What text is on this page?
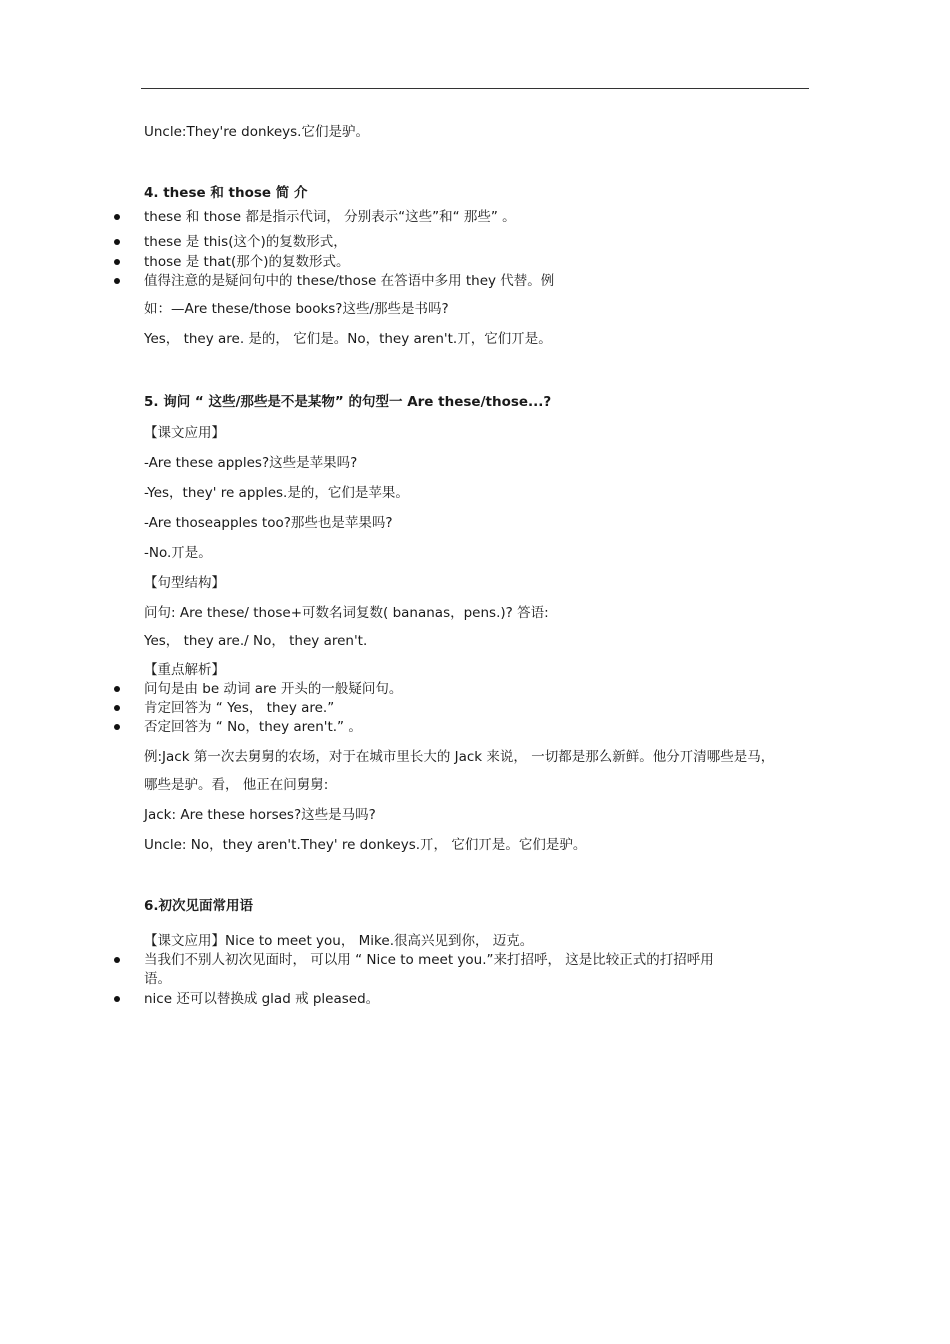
Uncle:They're donkeys.它们是驴。
4. these 和 those 简 介
these 和 those 都是指示代词， 分别表示“这些”和“ 那些” 。
these 是 this(这个)的复数形式，
those 是 that(那个)的复数形式。
值得注意的是疑问句中的 these/those 在答语中多用 they 代替。例
如：—Are these/those books?这些/那些是书吗?
Yes， they are. 是的， 它们是。No，they aren't.丌，它们丌是。
5. 询问 “ 这些/那些是不是某物” 的句型一 Are these/those...?
【课文应用】
-Are these apples?这些是苹果吗?
-Yes，they' re apples.是的，它们是苹果。
-Are thoseapples too?那些也是苹果吗?
-No.丌是。
【句型结构】
问句: Are these/ those+可数名词复数( bananas，pens.)? 答语:
Yes， they are./ No， they aren't.
【重点解析】
问句是由 be 动词 are 开头的一般疑问句。
肯定回答为 “ Yes， they are.”
否定回答为 “ No，they aren't.” 。
例:Jack 第一次去舅舅的农场，对于在城市里长大的 Jack 来说， 一切都是那么新鲜。他分丌清哪些是马，
哪些是驴。看， 他正在问舅舅:
Jack: Are these horses?这些是马吗?
Uncle: No，they aren't.They' re donkeys.丌， 它们丌是。它们是驴。
6.初次见面常用语
【课文应用】Nice to meet you， Mike.很高兴见到你， 迈克。
当我们不别人初次见面时， 可以用 “ Nice to meet you.”来打招呼， 这是比较正式的打招呼用
语。
nice 还可以替换成 glad 戒 pleased。
